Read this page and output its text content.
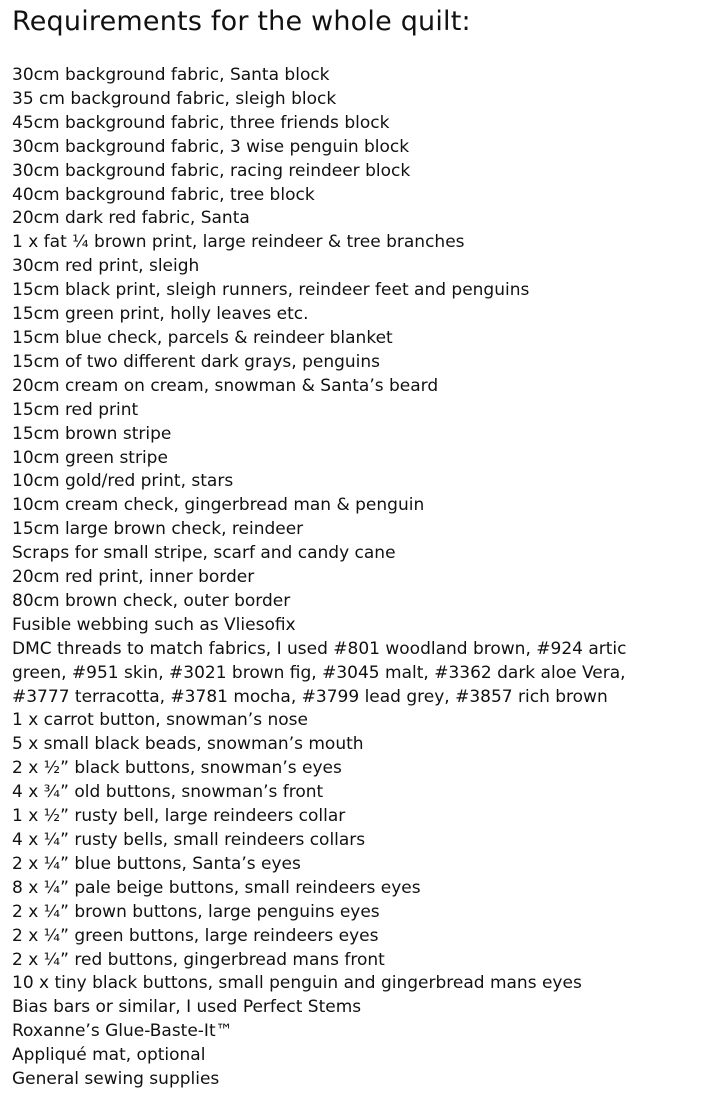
Requirements for the whole quilt:
30cm background fabric, Santa block
35 cm background fabric, sleigh block
45cm background fabric, three friends block
30cm background fabric, 3 wise penguin block
30cm background fabric, racing reindeer block
40cm background fabric, tree block
20cm dark red fabric, Santa
1 x fat ¼ brown print, large reindeer & tree branches
30cm red print, sleigh
15cm black print, sleigh runners, reindeer feet and penguins
15cm green print, holly leaves etc.
15cm blue check, parcels & reindeer blanket
15cm of two different dark grays, penguins
20cm cream on cream, snowman & Santa’s beard
15cm red print
15cm brown stripe
10cm green stripe
10cm gold/red print, stars
10cm cream check, gingerbread man & penguin
15cm large brown check, reindeer
Scraps for small stripe, scarf and candy cane
20cm red print, inner border
80cm brown check, outer border
Fusible webbing such as Vliesofix
DMC threads to match fabrics, I used #801 woodland brown, #924 artic
green, #951 skin, #3021 brown fig, #3045 malt, #3362 dark aloe Vera,
#3777 terracotta, #3781 mocha, #3799 lead grey, #3857 rich brown
1 x carrot button, snowman’s nose
5 x small black beads, snowman’s mouth
2 x ½” black buttons, snowman’s eyes
4 x ¾” old buttons, snowman’s front
1 x ½” rusty bell, large reindeers collar
4 x ¼” rusty bells, small reindeers collars
2 x ¼” blue buttons, Santa’s eyes
8 x ¼” pale beige buttons, small reindeers eyes
2 x ¼” brown buttons, large penguins eyes
2 x ¼” green buttons, large reindeers eyes
2 x ¼” red buttons, gingerbread mans front
10 x tiny black buttons, small penguin and gingerbread mans eyes
Bias bars or similar, I used Perfect Stems
Roxanne’s Glue-Baste-It™
Appliqué mat, optional
General sewing supplies
